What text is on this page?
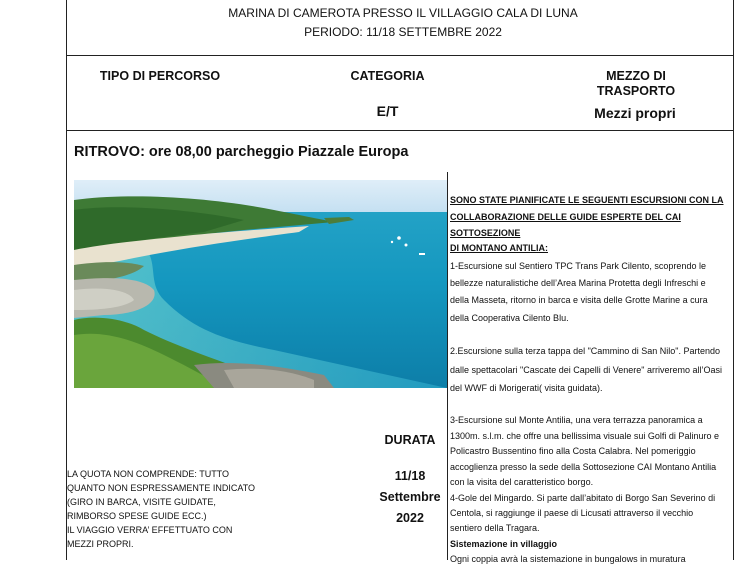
MARINA DI CAMEROTA PRESSO IL VILLAGGIO CALA DI LUNA
PERIODO: 11/18 SETTEMBRE 2022
TIPO DI PERCORSO	CATEGORIA
E/T
MEZZO DI
TRASPORTO
Mezzi propri
RITROVO: ore 08,00 parcheggio Piazzale Europa

SONO STATE PIANIFICATE LE SEGUENTI ESCURSIONI CON LA

COLLABORAZIONE DELLE GUIDE ESPERTE DEL CAI SOTTOSEZIONE

DI MONTANO ANTILIA:

1-Escursione sul Sentiero TPC Trans Park Cilento, scoprendo le

bellezze naturalistiche dell’Area Marina Protetta degli Infreschi e

della Masseta, ritorno in barca e visita delle Grotte Marine a cura

della Cooperativa Cilento Blu.

2.Escursione sulla terza tappa del "Cammino di San Nilo". Partendo

dalle spettacolari "Cascate dei Capelli di Venere" arriveremo all’Oasi

del WWF di Morigerati( visita guidata).

3-Escursione sul Monte Antilia, una vera terrazza panoramica a

1300m. s.l.m. che offre una bellissima visuale sui Golfi di Palinuro e

Policastro Bussentino fino alla Costa Calabra. Nel pomeriggio

accoglienza presso la sede della Sottosezione CAI Montano Antilia

con la visita del caratteristico borgo.

4-Gole del Mingardo. Si parte dall’abitato di Borgo San Severino di

Centola, si raggiunge il paese di Licusati attraverso il vecchio

sentiero della Tragara.

Sistemazione in villaggio

Ogni coppia avrà la sistemazione in bungalows in muratura

DURATA
11/18
Settembre
2022
LA QUOTA NON COMPRENDE: TUTTO
QUANTO NON ESPRESSAMENTE INDICATO
(GIRO IN BARCA, VISITE GUIDATE,
RIMBORSO SPESE GUIDE ECC.)
IL VIAGGIO VERRA’ EFFETTUATO CON
MEZZI PROPRI.
